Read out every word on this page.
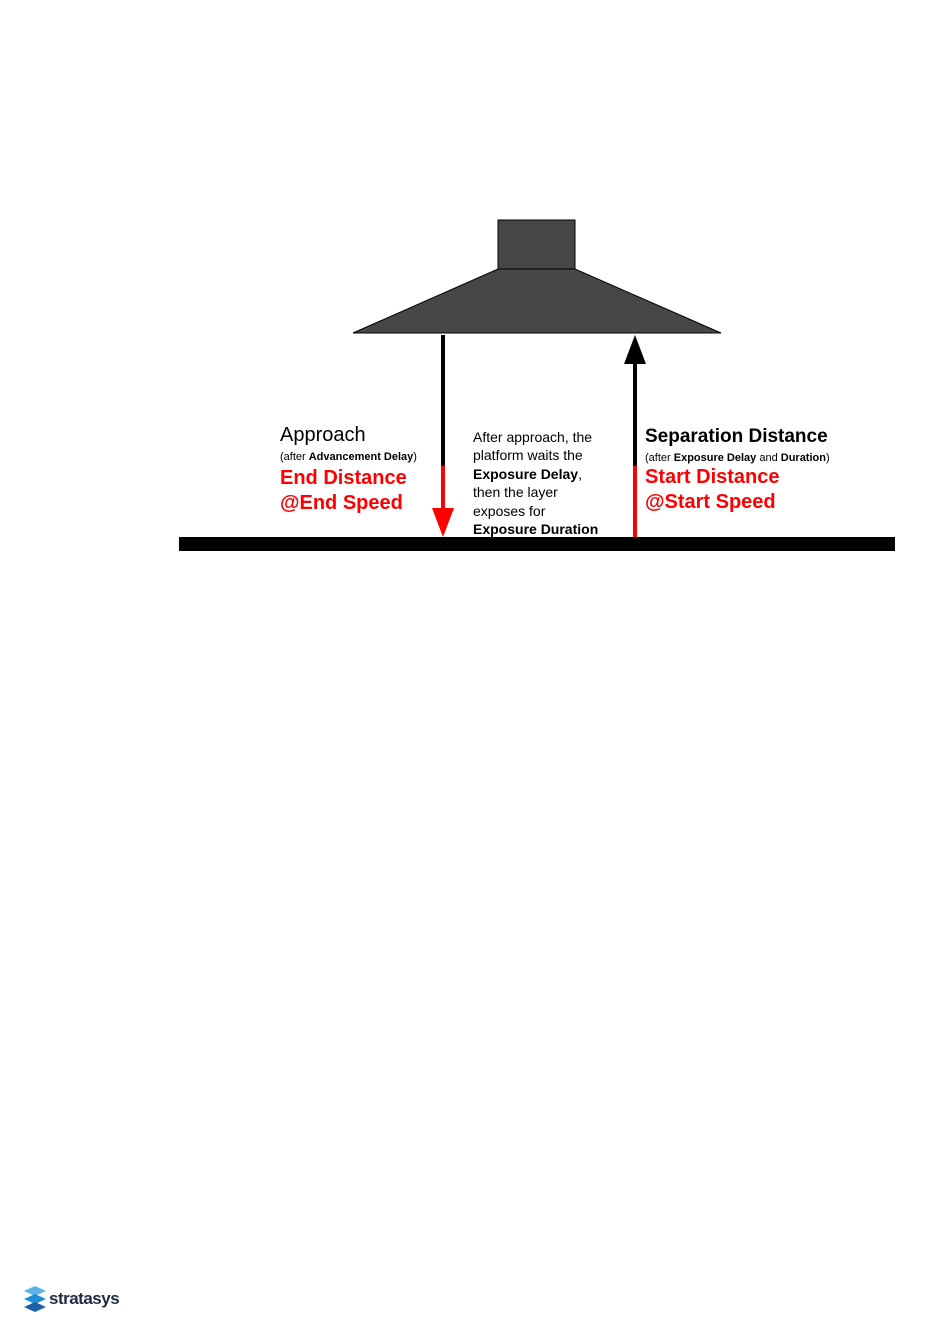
Approach
(after Advancement Delay)
End Distance
@End Speed
After approach, the
platform waits the
Exposure Delay,
then the layer
exposes for
Exposure Duration
Separation Distance
(after Exposure Delay and Duration)
Start Distance
@Start Speed
stratasys
